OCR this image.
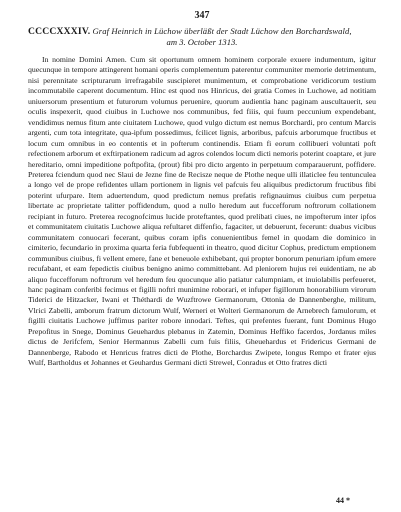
347
CCCCXXXIV. Graf Heinrich in Lüchow überläßt der Stadt Lüchow den Borchardswald,
am 3. October 1313.

In nomine Domini Amen. Cum sit oportunum omnem hominem corporale exuere indumentum, igitur quecunque in tempore attingerent homani operis complementum paterentur communiter memorie detrimentum, nisi perennitate scripturarum irrefragabile suscipieret munimentum, et comprobatione veridicorum testium incommutabile caperent documentum. Hinc est quod nos Hinricus, dei gratia Comes in Luchowe, ad notitiam uniuersorum presentium et futurorum volumus peruenire, quorum audientia hanc paginam auscultauerit, seu oculis inspexerit, quod ciuibus in Luchowe nos communibus, fed fiiis, qui fuum peccunium expendebant, vendidimus nemus fitum ante ciuitatem Luchowe, quod vulgo dictum est nemus Borchardi, pro centum Marcis argenti, cum tota integritate, qua-ipfum possedimus, fcilicet lignis, arboribus, pafcuis arborumque fructibus et locum cum omnibus in eo contentis et in pofterum continendis. Etiam fi eorum collibueri voluntati poft refectionem arborum et exftirpationem radicum ad agros colendos locum dicti nemoris poterint coaptare, et jure hereditario, omni impeditione poftpofita, (prout) fibi pro dicto argento in perpetuum comparauerunt, poffidere. Preterea fciendum quod nec Slaui de Jezne fine de Recisze neque de Plothe neque ulli illaticlee feu tentunculea a longo vel de prope refidentes ullam portionem in lignis vel pafcuis feu aliquibus predictorum fructibus fibi poterint ufurpare. Item aduertendum, quod predictum nemus prefatis refignauimus ciuibus cum perpetua libertate ac proprietate talitter poffidendum, quod a nullo heredum aut fuccefforum noftrorum collationem recipiant in futuro. Preterea recognofcimus lucide proteftantes, quod prelibati ciues, ne impofterum inter ipfos et communitatem ciuitatis Luchowe aliqua refultaret diffenfio, fagaciter, ut debuerunt, fecerunt: duabus vicibus communitatem conuocari fecerant, quibus coram ipfis conuenientibus femel in quodam die dominico in cimiterio, fecundario in proxima quarta feria fubfequenti in theatro, quod dicitur Cophus, predictum emptionem communibus ciuibus, fi vellent emere, fane et beneuole exhibebant, qui propter bonorum penuriam ipfum emere recufabant, et eam fepedictis ciuibus benigno animo committebant. Ad pleniorem hujus rei euidentiam, ne ab aliquo fuccefforum noftrorum vel heredum feu quocunque alio patiatur calumpniam, et inuiolabilis perfeueret, hanc paginam conferibi fecimus et figilli noftri munimine roborari, et infuper figillorum honorabilium virorum Tiderici de Hitzacker, Iwani et Théthardi de Wuzftrowe Germanorum, Ottonia de Dannenberghe, militum, Vlrici Zabelli, amborum fratrum dictorum Wulf, Werneri et Wolteri Germanorum de Arnebrech famulorum, et figilli ciuitatis Luchowe juffimus pariter robore innodari. Teftes, qui prefentes fuerant, funt Dominus Hugo Prepofitus in Snege, Dominus Geuehardus plebanus in Zatemin, Dominus Heffiko facerdos, Jordanus miles dictus de Jerifcfem, Senior Hermannus Zabelli cum fuis filiis, Gheuehardus et Fridericus Germani de Dannenberge, Rabodo et Henricus fratres dicti de Plothe, Borchardus Zwipete, longus Rempo et frater ejus Wulf, Bartholdus et Johannes et Geuhardus Germani dicti Strewel, Conradus et Otto fratres dicti

44 *
